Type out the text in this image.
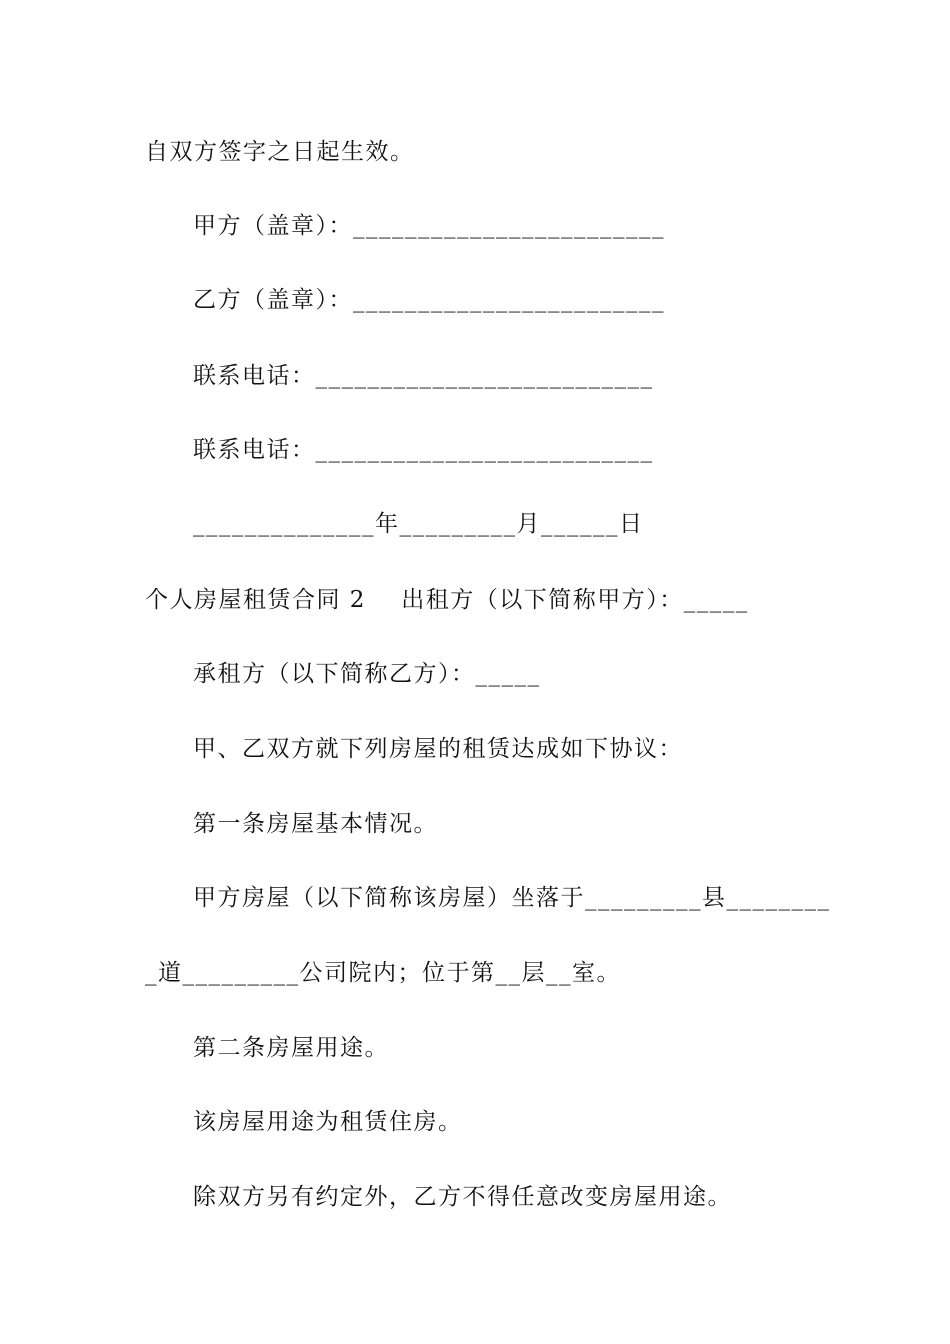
自双方签字之日起生效。
甲方（盖章）：________________________
乙方（盖章）：________________________
联系电话：__________________________
联系电话：__________________________
______________年_________月______日
个人房屋租赁合同 2    出租方（以下简称甲方）：_____
承租方（以下简称乙方）：_____
甲、乙双方就下列房屋的租赁达成如下协议：
第一条房屋基本情况。
甲方房屋（以下简称该房屋）坐落于_________县________
_道_________公司院内；位于第__层__室。
第二条房屋用途。
该房屋用途为租赁住房。
除双方另有约定外，乙方不得任意改变房屋用途。
